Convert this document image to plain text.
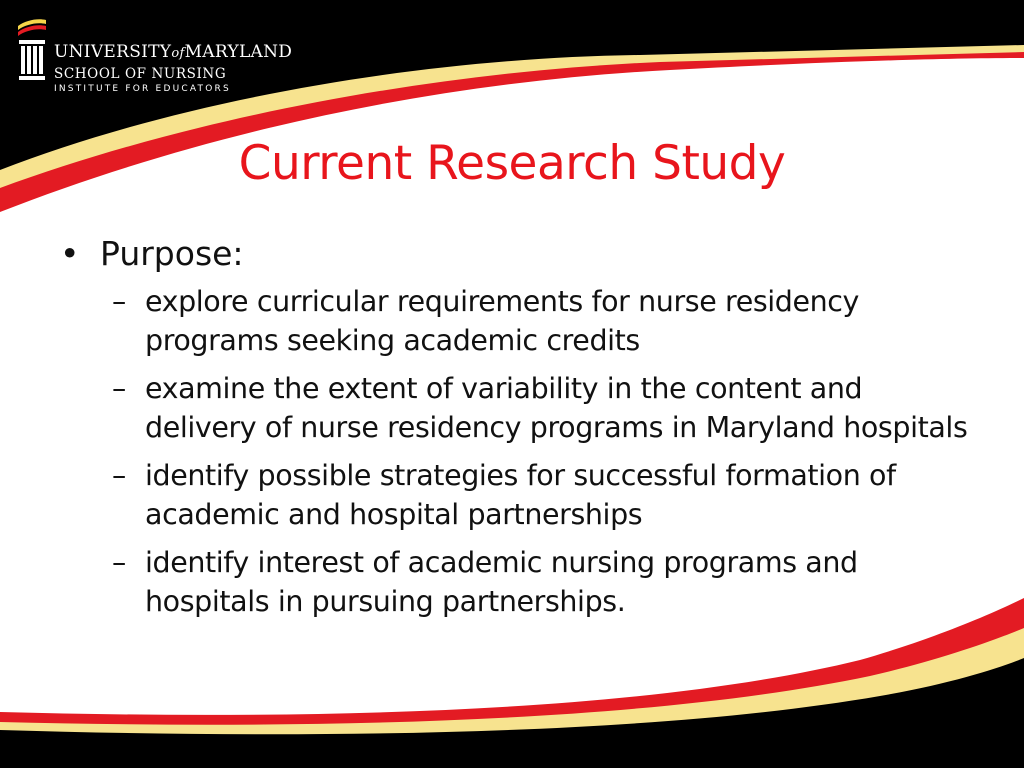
UNIVERSITYofMARYLAND
SCHOOL OF NURSING
INSTITUTE FOR EDUCATORS
Current Research Study
• Purpose:
– explore curricular requirements for nurse residency programs seeking academic credits
– examine the extent of variability in the content and delivery of nurse residency programs in Maryland hospitals
– identify possible strategies for successful formation of academic and hospital partnerships
– identify interest of academic nursing programs and hospitals in pursuing partnerships.
